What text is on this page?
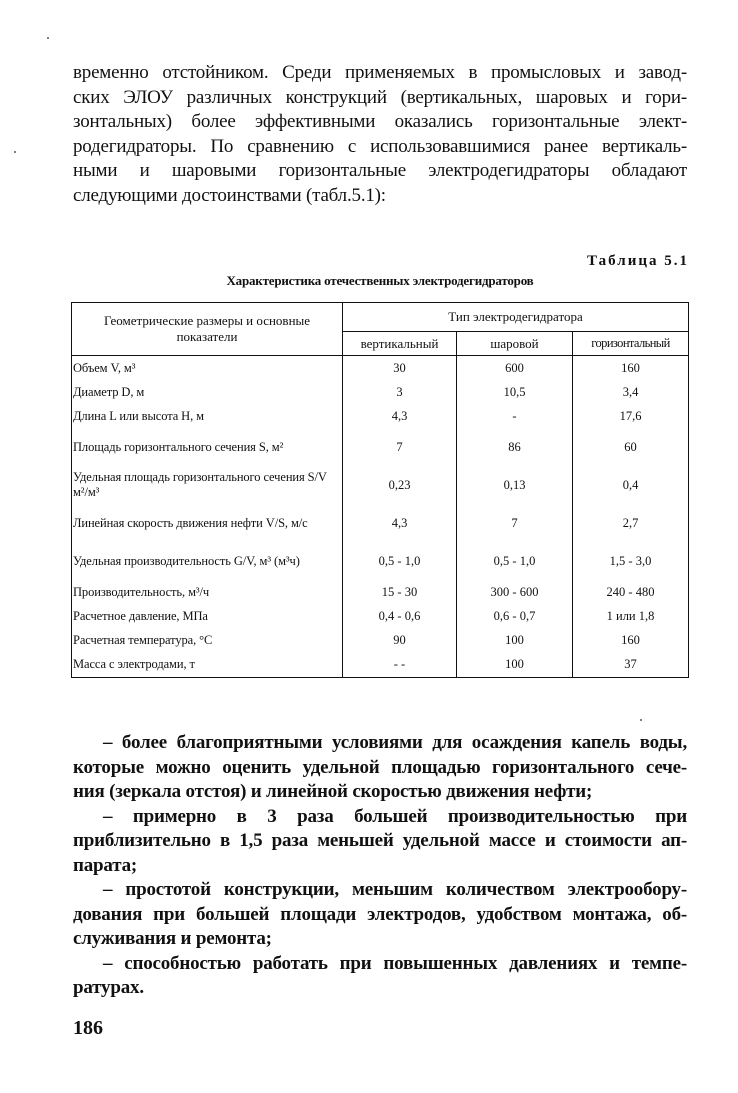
временно отстойником. Среди применяемых в промысловых и завод-
ских ЭЛОУ различных конструкций (вертикальных, шаровых и гори-
зонтальных) более эффективными оказались горизонтальные элект-
родегидраторы. По сравнению с использовавшимися ранее вертикаль-
ными и шаровыми горизонтальные электродегидраторы обладают
следующими достоинствами (табл.5.1):
Таблица 5.1
Характеристика отечественных электродегидраторов
Геометрические размеры и основные показатели	Тип электродегидратора		
	вертикальный	шаровой	горизонтальный
Объем V, м³	30	600	160
Диаметр D, м	3	10,5	3,4
Длина L или высота H, м	4,3	-	17,6
Площадь горизонтального сечения S, м²	7	86	60
Удельная площадь горизонтального сечения S/V м²/м³	0,23	0,13	0,4
Линейная скорость движения нефти V/S, м/с	4,3	7	2,7
Удельная производительность G/V, м³ (м³ч)	0,5 - 1,0	0,5 - 1,0	1,5 - 3,0
Производительность, м³/ч	15 - 30	300 - 600	240 - 480
Расчетное давление, МПа	0,4 - 0,6	0,6 - 0,7	1 или 1,8
Расчетная температура, °С	90	100	160
Масса с электродами, т	- -	100	37
– более благоприятными условиями для осаждения капель воды,
которые можно оценить удельной площадью горизонтального сече-
ния (зеркала отстоя) и линейной скоростью движения нефти;
– примерно в 3 раза большей производительностью при
приблизительно в 1,5 раза меньшей удельной массе и стоимости ап-
парата;
– простотой конструкции, меньшим количеством электрообору-
дования при большей площади электродов, удобством монтажа, об-
служивания и ремонта;
– способностью работать при повышенных давлениях и темпе-
ратурах.
186
